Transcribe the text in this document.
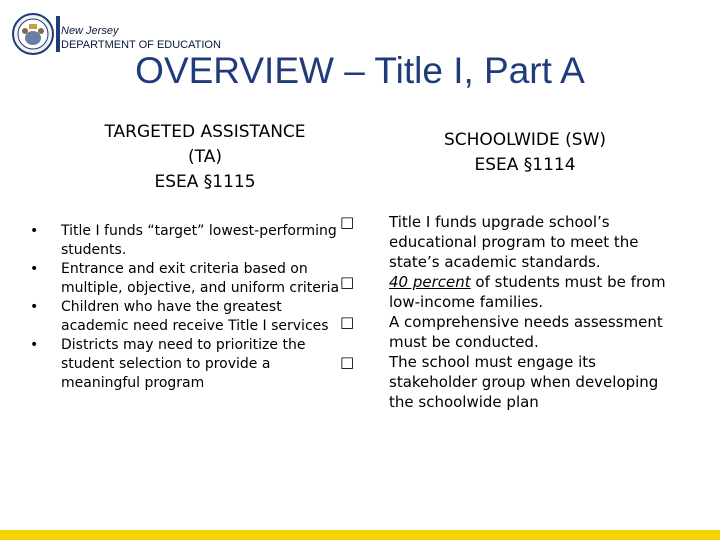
New Jersey
DEPARTMENT OF EDUCATION
OVERVIEW – Title I, Part A
TARGETED ASSISTANCE
(TA)
ESEA §1115
SCHOOLWIDE (SW)
ESEA §1114
• Title I funds “target” lowest-performing students.
• Entrance and exit criteria based on multiple, objective, and uniform criteria
• Children who have the greatest academic need receive Title I services
• Districts may need to prioritize the student selection to provide a meaningful program
□ Title I funds upgrade school’s educational program to meet the state’s academic standards.
□ 40 percent of students must be from low-income families.
□ A comprehensive needs assessment must be conducted.
□ The school must engage its stakeholder group when developing the schoolwide plan
